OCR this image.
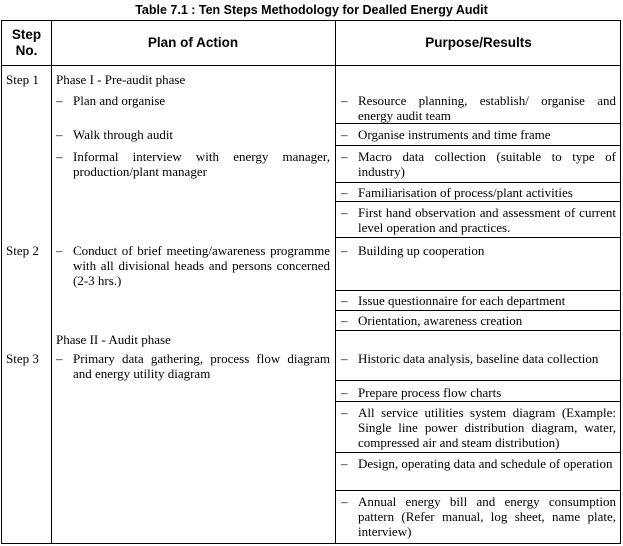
Table 7.1 : Ten Steps Methodology for Dealled Energy Audit
Step
No.
Plan of Action	Purpose/Results
Step 1
Step 2
Step 3
Phase I - Pre-audit phase
Phase II - Audit phase
– Plan and organise
– Walk through audit
– Informal interview with energy manager, production/plant manager
– Conduct of brief meeting/awareness programme with all divisional heads and persons concerned (2-3 hrs.)
– Primary data gathering, process flow diagram and energy utility diagram
– Resource planning, establish/ organise and energy audit team
– Organise instruments and time frame
– Macro data collection (suitable to type of industry)
– Familiarisation of process/plant activities
– First hand observation and assessment of current level operation and practices.
– Building up cooperation
– Issue questionnaire for each department
– Orientation, awareness creation
– Historic data analysis, baseline data collection
– Prepare process flow charts
– All service utilities system diagram (Example: Single line power distribution diagram, water, compressed air and steam distribution)
– Design, operating data and schedule of operation
– Annual energy bill and energy consumption pattern (Refer manual, log sheet, name plate, interview)
